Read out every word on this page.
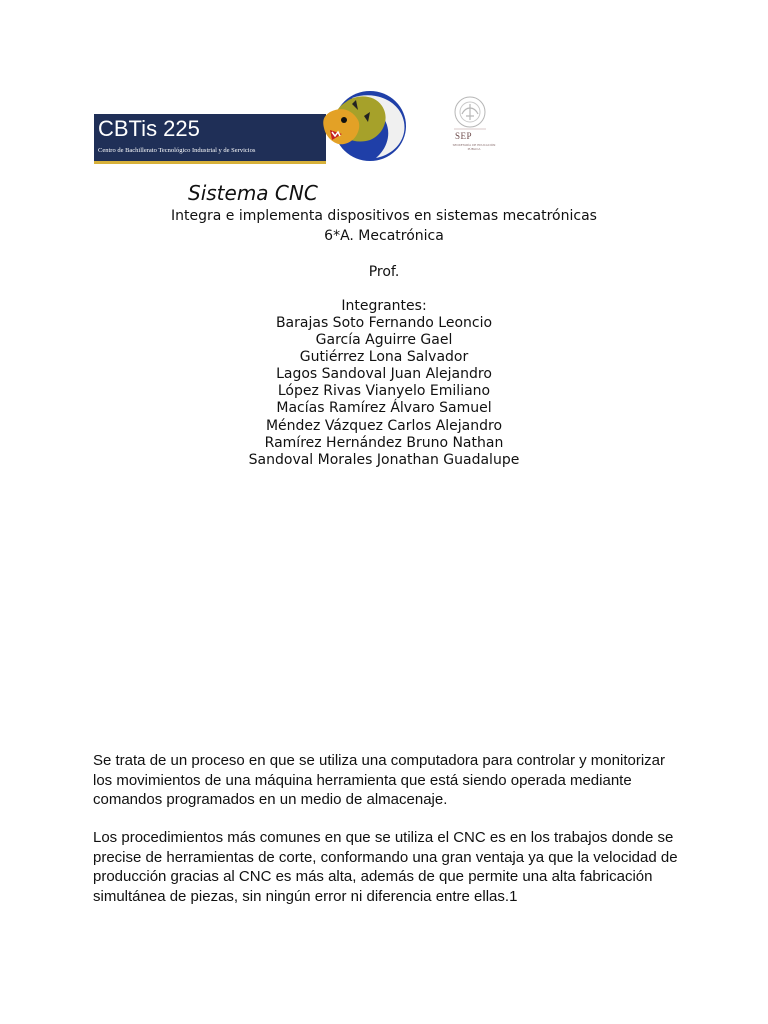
CBTis 225
Centro de Bachillerato Tecnológico Industrial y de Servicios
SEP
SECRETARÍA DE EDUCACIÓN PÚBLICA
Sistema CNC
Integra e implementa dispositivos en sistemas mecatrónicas
6*A. Mecatrónica
Prof.
Integrantes:
Barajas Soto Fernando Leoncio
García Aguirre Gael
Gutiérrez Lona Salvador
Lagos Sandoval Juan Alejandro
López Rivas Vianyelo Emiliano
Macías Ramírez Álvaro Samuel
Méndez Vázquez Carlos Alejandro
Ramírez Hernández Bruno Nathan
Sandoval Morales Jonathan Guadalupe
Se trata de un proceso en que se utiliza una computadora para controlar y monitorizar los movimientos de una máquina herramienta que está siendo operada mediante comandos programados en un medio de almacenaje.
Los procedimientos más comunes en que se utiliza el CNC es en los trabajos donde se precise de herramientas de corte, conformando una gran ventaja ya que la velocidad de producción gracias al CNC es más alta, además de que permite una alta fabricación simultánea de piezas, sin ningún error ni diferencia entre ellas.1
